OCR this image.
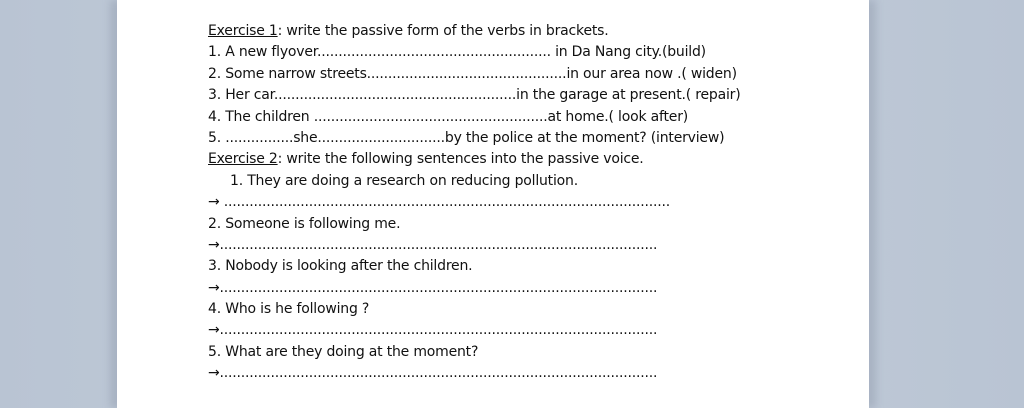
Exercise 1: write the passive form of the verbs in brackets.
1. A new flyover....................................................... in Da Nang city.(build)
2. Some narrow streets...............................................in our area now .( widen)
3. Her car.........................................................in the garage at present.( repair)
4. The children .......................................................at home.( look after)
5. ................she..............................by the police at the moment? (interview)
Exercise 2: write the following sentences into the passive voice.
1. They are doing a research on reducing pollution.
→ .........................................................................................................
2. Someone is following me.
→.......................................................................................................
3. Nobody is looking after the children.
→.......................................................................................................
4. Who is he following ?
→.......................................................................................................
5. What are they doing at the moment?
→.......................................................................................................
